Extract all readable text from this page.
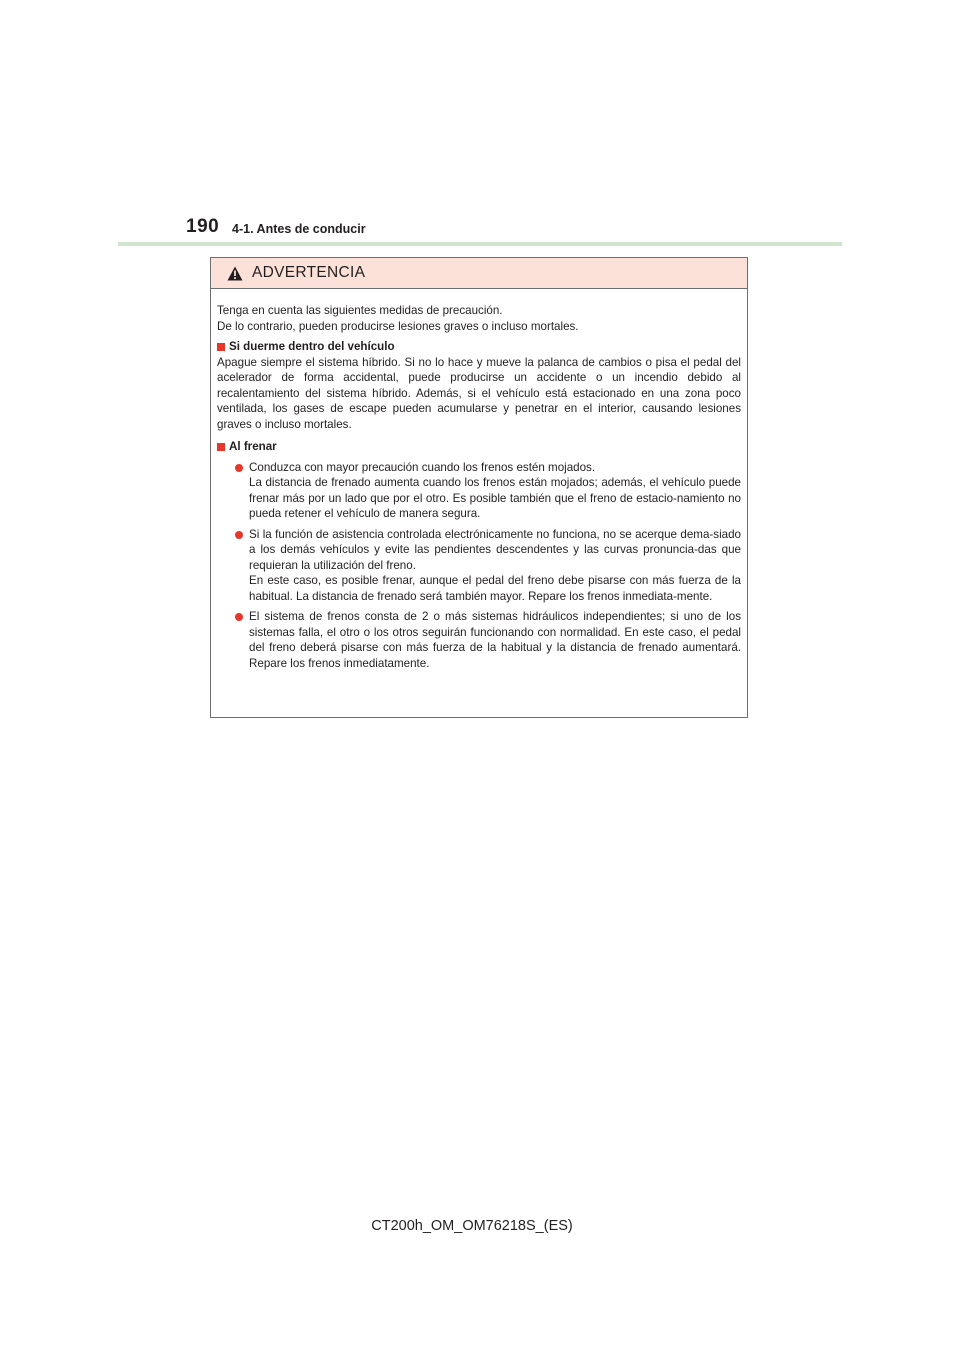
190 4-1. Antes de conducir
ADVERTENCIA

Tenga en cuenta las siguientes medidas de precaución.

De lo contrario, pueden producirse lesiones graves o incluso mortales.

Si duerme dentro del vehículo

Apague siempre el sistema híbrido. Si no lo hace y mueve la palanca de cambios o pisa el pedal del acelerador de forma accidental, puede producirse un accidente o un incendio debido al recalentamiento del sistema híbrido. Además, si el vehículo está estacionado en una zona poco ventilada, los gases de escape pueden acumularse y penetrar en el interior, causando lesiones graves o incluso mortales.

Al frenar

Conduzca con mayor precaución cuando los frenos estén mojados.

La distancia de frenado aumenta cuando los frenos están mojados; además, el vehículo puede frenar más por un lado que por el otro. Es posible también que el freno de estacio-namiento no pueda retener el vehículo de manera segura.

Si la función de asistencia controlada electrónicamente no funciona, no se acerque dema-siado a los demás vehículos y evite las pendientes descendentes y las curvas pronuncia-das que requieran la utilización del freno.

En este caso, es posible frenar, aunque el pedal del freno debe pisarse con más fuerza de la habitual. La distancia de frenado será también mayor. Repare los frenos inmediata-mente.

El sistema de frenos consta de 2 o más sistemas hidráulicos independientes; si uno de los sistemas falla, el otro o los otros seguirán funcionando con normalidad. En este caso, el pedal del freno deberá pisarse con más fuerza de la habitual y la distancia de frenado aumentará. Repare los frenos inmediatamente.

CT200h_OM_OM76218S_(ES)
